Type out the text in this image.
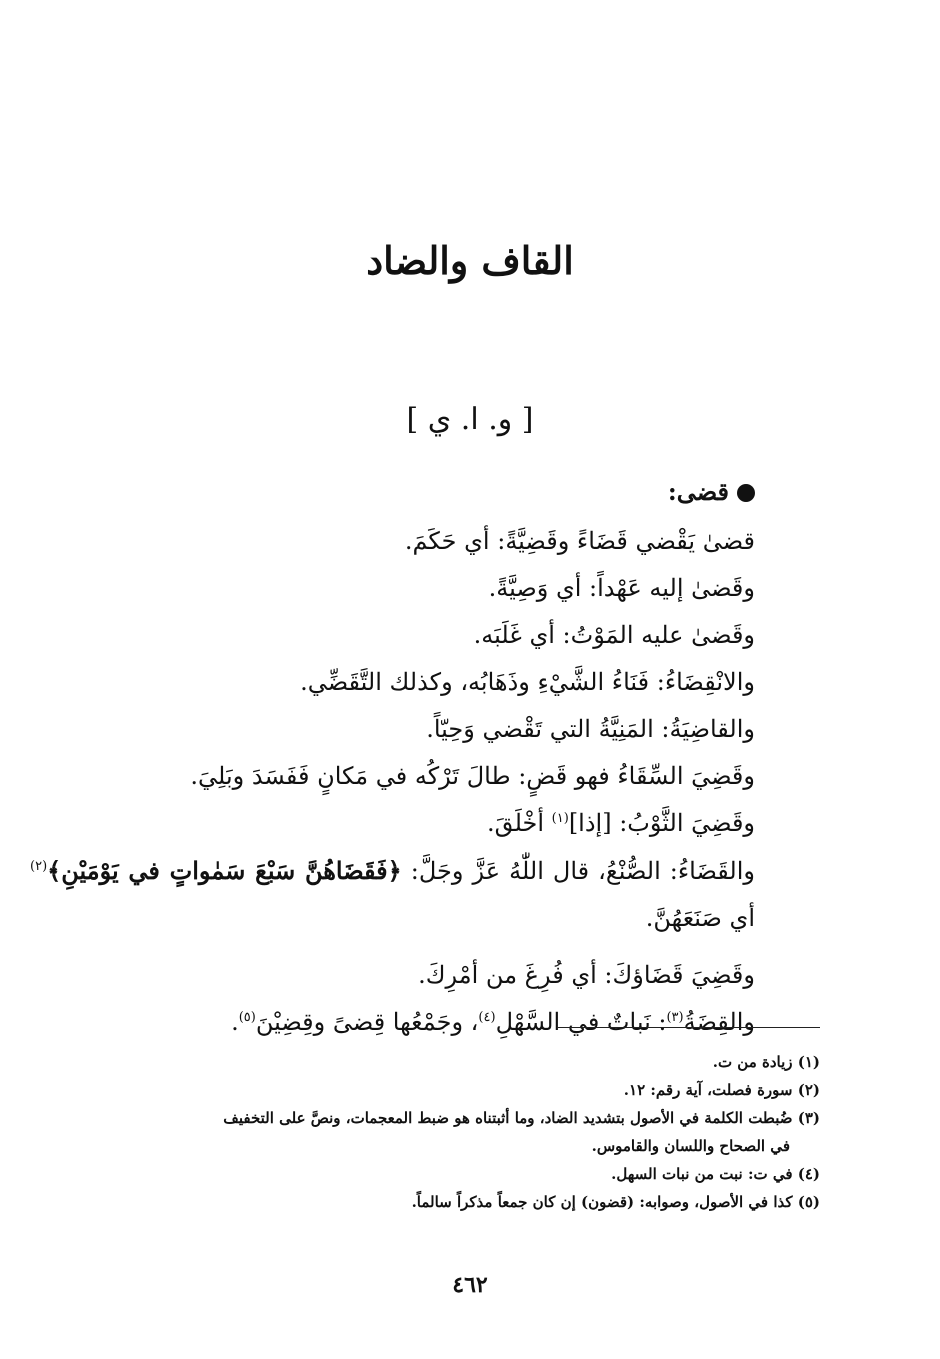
القاف والضاد
[ و. ا. ي ]
قضى:
قضىٰ يَقْضي قَضَاءً وقَضِيَّةً: أي حَكَمَ.
وقَضىٰ إليه عَهْداً: أي وَصِيَّةً.
وقَضىٰ عليه المَوْتُ: أي غَلَبَه.
والانْقِضَاءُ: فَنَاءُ الشَّيْءِ وذَهَابُه، وكذلك التَّقَضِّي.
والقاضِيَةُ: المَنِيَّةُ التي تَقْضي وَحِيّاً.
وقَضِيَ السِّقَاءُ فهو قَضٍ: طالَ تَرْكُه في مَكانٍ فَفَسَدَ وبَلِيَ.
وقَضِيَ الثَّوْبُ: [إذا]$^{(١)}$ أخْلَقَ.
والقَضَاءُ: الصُّنْعُ، قال اللّٰهُ عَزَّ وجَلَّ: ﴿فَقَضَاهُنَّ سَبْعَ سَمٰواتٍ في يَوْمَيْنِ﴾$^{(٢)}$ أي صَنَعَهُنَّ.
وقَضِيَ قَضَاؤكَ: أي فُرِغَ من أمْرِكَ.
والقِضَةُ$^{(٣)}$: نَباتٌ في السَّهْلِ$^{(٤)}$، وجَمْعُها قِضىً وقِضِيْنَ$^{(٥)}$.
(١) زيادة من ت.
(٢) سورة فصلت، آية رقم: ١٢.
(٣) ضُبطت الكلمة في الأصول بتشديد الضاد، وما أثبتناه هو ضبط المعجمات، ونصَّ على التخفيف
في الصحاح واللسان والقاموس.
(٤) في ت: نبت من نبات السهل.
(٥) كذا في الأصول، وصوابه: (قضون) إن كان جمعاً مذكراً سالماً.
٤٦٢
